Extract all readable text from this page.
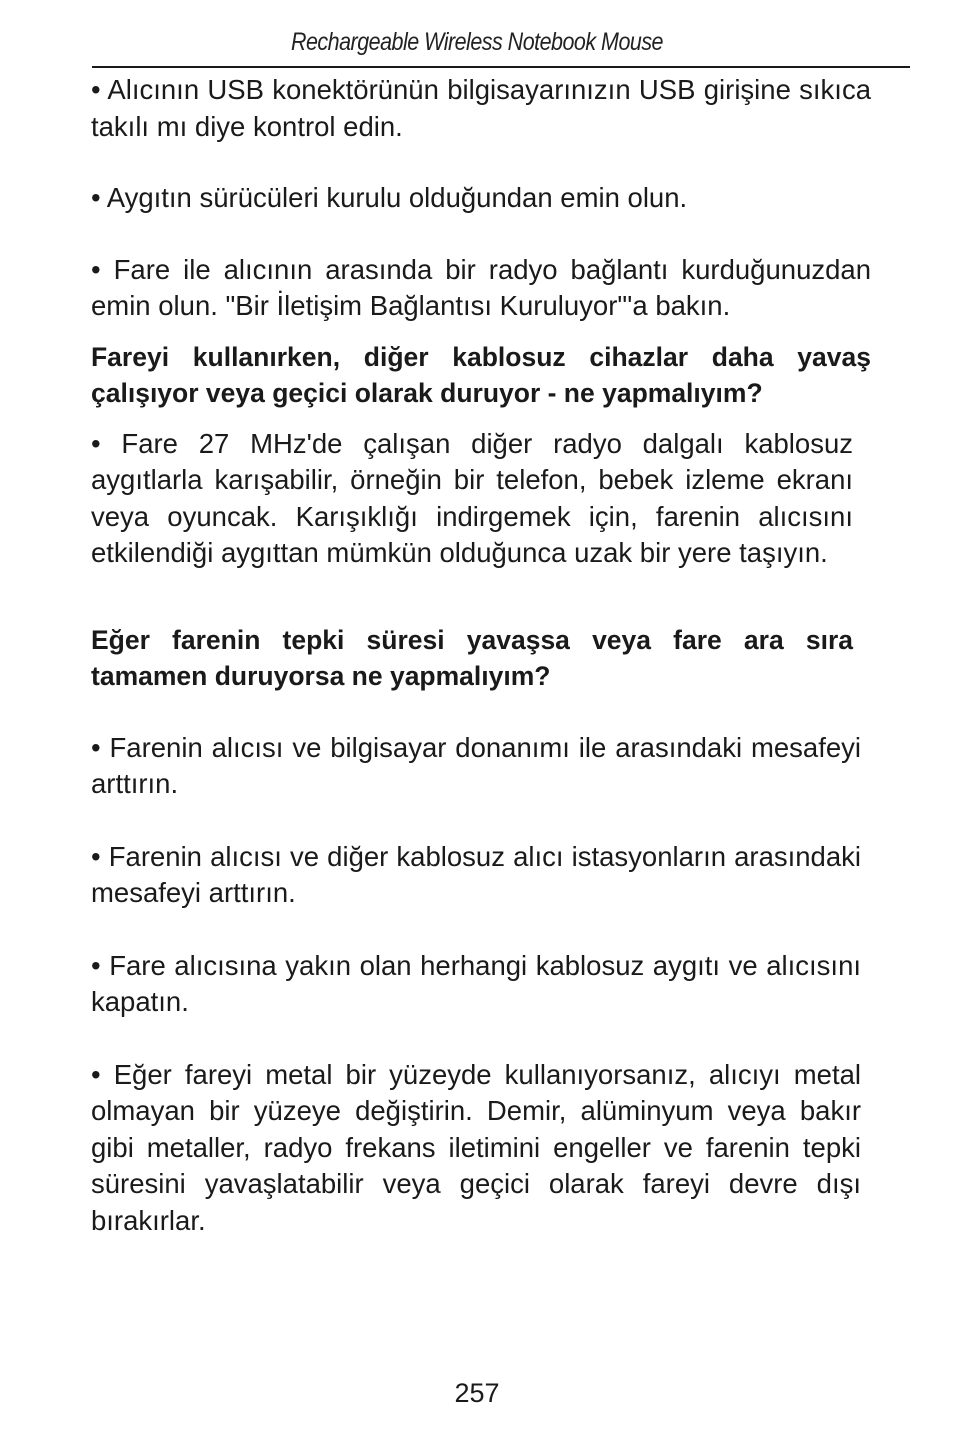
Rechargeable Wireless Notebook Mouse

• Alıcının USB konektörünün bilgisayarınızın USB girişine sıkıca takılı mı diye kontrol edin.

• Aygıtın sürücüleri kurulu olduğundan emin olun.

• Fare ile alıcının arasında bir radyo bağlantı kurduğunuzdan emin olun. "Bir İletişim Bağlantısı Kuruluyor"'a bakın.

Fareyi kullanırken, diğer kablosuz cihazlar daha yavaş çalışıyor veya geçici olarak duruyor - ne yapmalıyım?

• Fare 27 MHz'de çalışan diğer radyo dalgalı kablosuz aygıtlarla karışabilir, örneğin bir telefon, bebek izleme ekranı veya oyuncak. Karışıklığı indirgemek için, farenin alıcısını etkilendiği aygıttan mümkün olduğunca uzak bir yere taşıyın.

Eğer farenin tepki süresi yavaşsa veya fare ara sıra tamamen duruyorsa ne yapmalıyım?

• Farenin alıcısı ve bilgisayar donanımı ile arasındaki mesafeyi arttırın.

• Farenin alıcısı ve diğer kablosuz alıcı istasyonların arasındaki mesafeyi arttırın.

• Fare alıcısına yakın olan herhangi kablosuz aygıtı ve alıcısını kapatın.

• Eğer fareyi metal bir yüzeyde kullanıyorsanız, alıcıyı metal olmayan bir yüzeye değiştirin. Demir, alüminyum veya bakır gibi metaller, radyo frekans iletimini engeller ve farenin tepki süresini yavaşlatabilir veya geçici olarak fareyi devre dışı bırakırlar.

257
